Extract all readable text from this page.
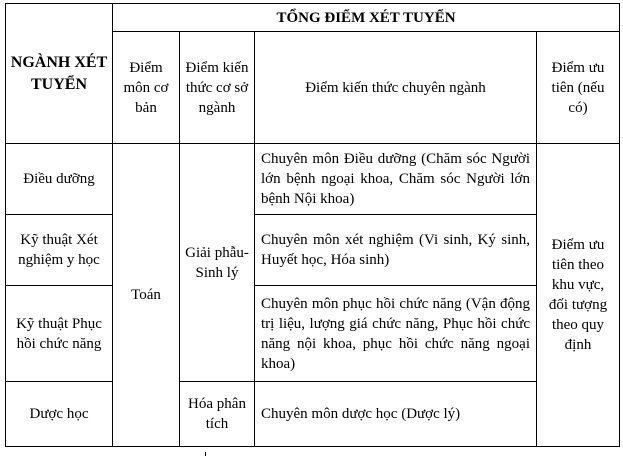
NGÀNH XÉT TUYỂN	TỔNG ĐIỂM XÉT TUYỂN			
	Điểm môn cơ bản	Điểm kiến thức cơ sở ngành	Điểm kiến thức chuyên ngành	Điểm ưu tiên (nếu có)
Điều dưỡng	Toán	Giải phẫu-Sinh lý	Chuyên môn Điều dưỡng (Chăm sóc Người lớn bệnh ngoại khoa, Chăm sóc Người lớn bệnh Nội khoa)	Điểm ưu tiên theo khu vực, đối tượng theo quy định
Kỹ thuật Xét nghiệm y học			Chuyên môn xét nghiệm (Vi sinh, Ký sinh, Huyết học, Hóa sinh)	
Kỹ thuật Phục hồi chức năng			Chuyên môn phục hồi chức năng (Vận động trị liệu, lượng giá chức năng, Phục hồi chức năng nội khoa, phục hồi chức năng ngoại khoa)	
Dược học		Hóa phân tích	Chuyên môn dược học (Dược lý)	
